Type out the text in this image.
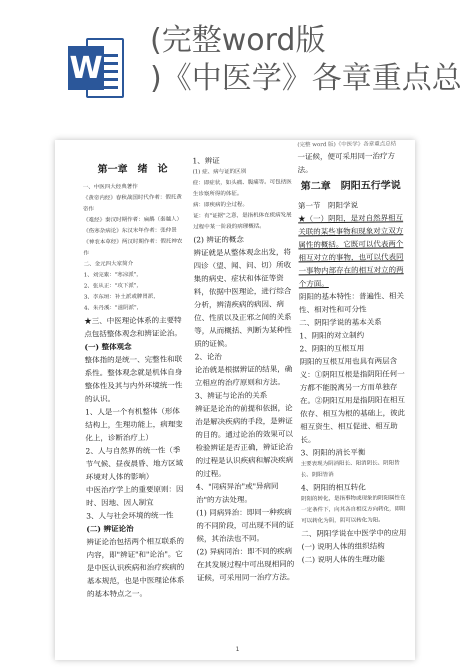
W
(完整word版
)《中医学》各章重点总
第一章　绪　论
一、中医四大经典著作
《黄帝内经》春秋战国时代作者：假托黄帝作
《难经》秦汉时期作者：扁鹊（秦越人）
《伤寒杂病论》东汉末年作者：张仲景
《神农本草经》两汉时期作者：假托神农作
二、金元四大家简介
1、刘完素："寒凉派"，
2、张从正："攻下派"，
3、李东垣：补土派或脾胃派，
4、朱丹溪："滋阴派"，
★三、中医理论体系的主要特点包括整体观念和辨证论治。
(一) 整体观念
整体指的是统一、完整性和联系性。整体观念就是机体自身整体性及其与内外环境统一性的认识。
1、人是一个有机整体（形体结构上，生理功能上，病理变化上，诊断治疗上）
2、人与自然界的统一性（季节气候、昼夜晨昏、地方区域环境对人体的影响）
中医治疗学上的重要原则：因时、因地、因人制宜
3、人与社会环境的统一性
(二) 辨证论治
辨证论治包括两个相互联系的内容，即"辨证"和"论治"。它是中医认识疾病和治疗疾病的基本规范，也是中医理论体系的基本特点之一。
1、辨证
(1) 症、病与证的区别
症：即症状，如头痛、腹痛等。可包括医生诊察所得的体征。
病：即疾病的全过程。
证：有"证据"之意，是指机体在疾病发展过程中某一阶段的病理概括。
(2) 辨证的概念
辨证就是从整体观念出发，将四诊（望、闻、问、切）所收集的病史、症状和体征等资料，依据中医理论，进行综合分析，辨清疾病的病因、病位、性质以及正邪之间的关系等，从而概括、判断为某种性质的证候。
2、论治
论治就是根据辨证的结果，确立相应的治疗原则和方法。
3、辨证与论治的关系
辨证是论治的前提和依据，论治是解决疾病的手段，是辨证的目的。通过论治的效果可以检验辨证是否正确，辨证论治的过程是认识疾病和解决疾病的过程。
4、"同病异治"或"异病同治"的方法处理。
(1) 同病异治：即同一种疾病的不同阶段，可出现不同的证候，其治法也不同。
(2) 异病同治：即不同的疾病在其发展过程中可出现相同的证候，可采用同一治疗方法。
(完整 word 版)《中医学》各章重点总结
一证候，便可采用同一治疗方法。
第二章　阴阳五行学说
第一节　阴阳学说
★（一）阴阳，是对自然界相互关联的某些事物和现象对立双方属性的概括。它既可以代表两个相互对立的事物，也可以代表同一事物内部存在的相互对立的两个方面。
阴阳的基本特性：普遍性、相关性、相对性和可分性
二、阴阳学说的基本关系
1、阴阳的对立制约
2、阴阳的互根互用
阴阳的互根互用也具有两层含义：①阴阳互根是指阴阳任何一方都不能脱离另一方而单独存在。②阴阳互用是指阴阳在相互依存、相互为根的基础上，彼此相互资生、相互促进、相互助长。
3、阴阳的消长平衡
主要表现为阴消阳长、阳消阴长、阴阳皆长、阴阳皆消
4、阴阳的相互转化
阴阳的转化，是指事物或现象的阴阳属性在一定条件下，向其各自相反方向转化，即阳可以转化为阴，阴可以转化为阳。
二、阴阳学说在中医学中的应用
(一) 说明人体的组织结构
(二) 说明人体的生理功能
1
